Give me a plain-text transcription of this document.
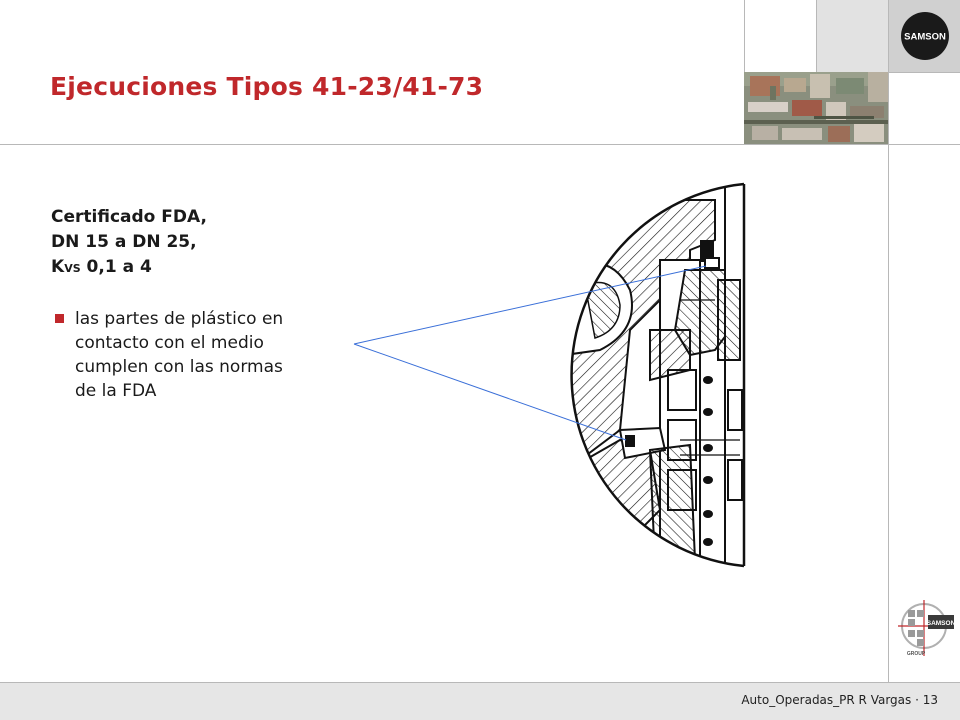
SAMSON
Ejecuciones Tipos 41-23/41-73
Certificado FDA,
DN 15 a DN 25,
KVS 0,1 a 4
las partes de plástico en
contacto con el medio
cumplen con las normas
de la FDA
SAMSON
GROUP
Auto_Operadas_PR R Vargas · 13
